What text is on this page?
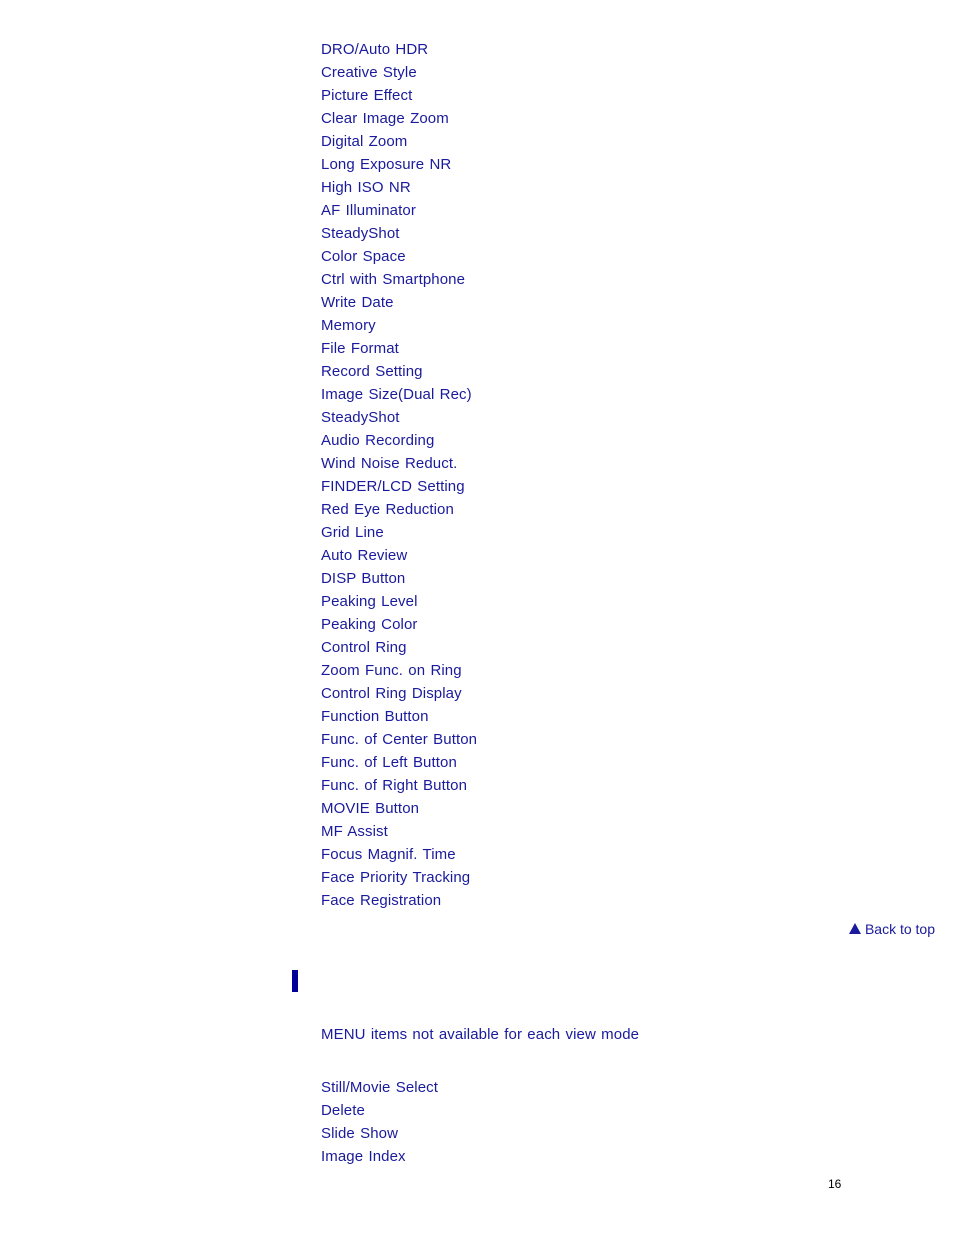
DRO/Auto HDR
Creative Style
Picture Effect
Clear Image Zoom
Digital Zoom
Long Exposure NR
High ISO NR
AF Illuminator
SteadyShot
Color Space
Ctrl with Smartphone
Write Date
Memory
File Format
Record Setting
Image Size(Dual Rec)
SteadyShot
Audio Recording
Wind Noise Reduct.
FINDER/LCD Setting
Red Eye Reduction
Grid Line
Auto Review
DISP Button
Peaking Level
Peaking Color
Control Ring
Zoom Func. on Ring
Control Ring Display
Function Button
Func. of Center Button
Func. of Left Button
Func. of Right Button
MOVIE Button
MF Assist
Focus Magnif. Time
Face Priority Tracking
Face Registration
Back to top
MENU items not available for each view mode
Still/Movie Select
Delete
Slide Show
Image Index
16
